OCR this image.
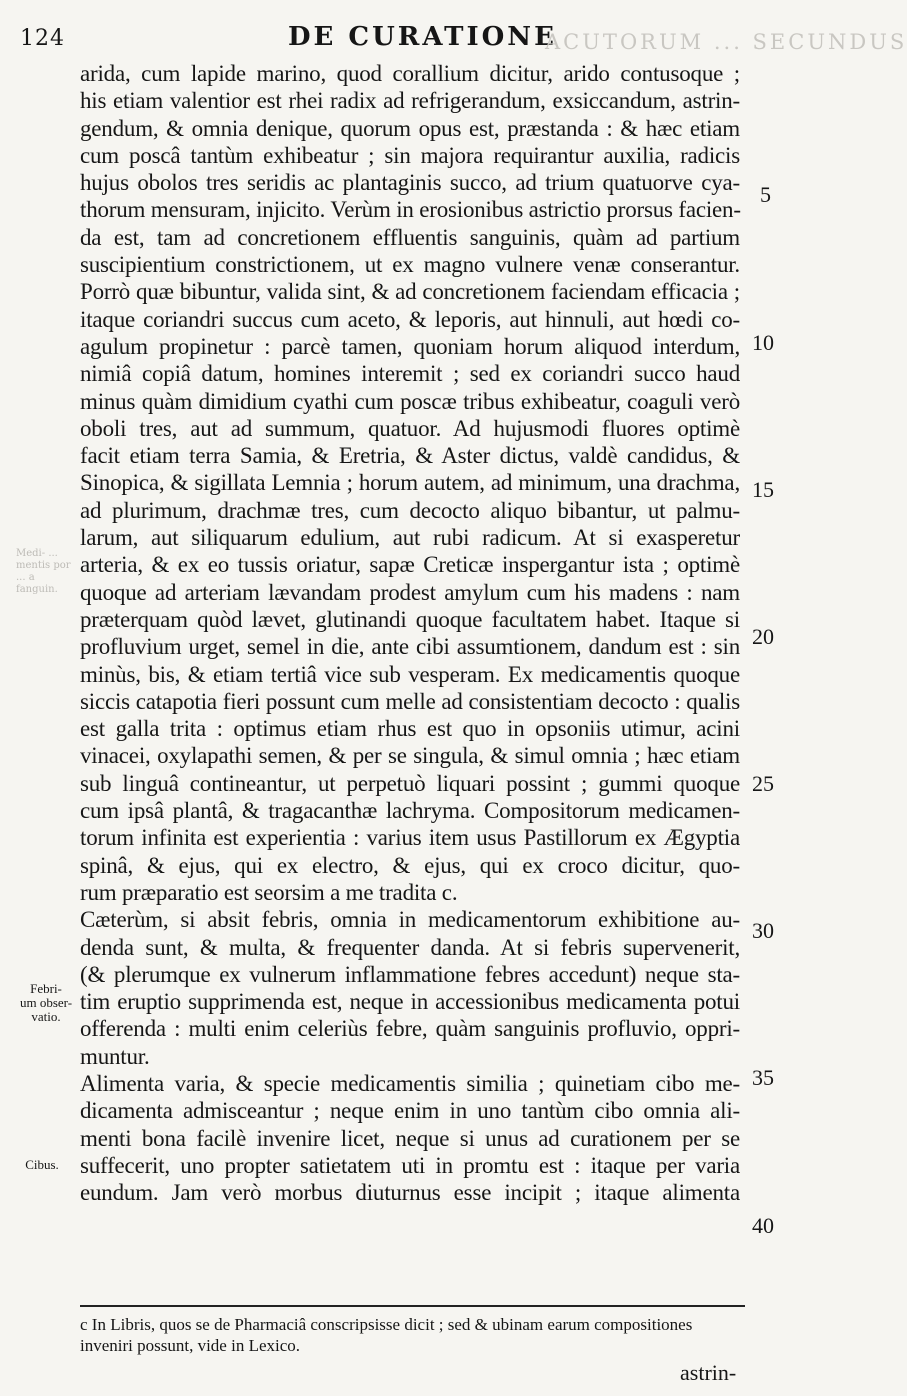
124	DE CURATIONE
ACUTORUM ... SECUNDUS
arida, cum lapide marino, quod corallium dicitur, arido contusoque ;
his etiam valentior est rhei radix ad refrigerandum, exsiccandum, astrin-
gendum, & omnia denique, quorum opus est, præstanda : & hæc etiam
cum poscâ tantùm exhibeatur ; sin majora requirantur auxilia, radicis
hujus obolos tres seridis ac plantaginis succo, ad trium quatuorve cya-
thorum mensuram, injicito. Verùm in erosionibus astrictio prorsus facien-
da est, tam ad concretionem effluentis sanguinis, quàm ad partium
suscipientium constrictionem, ut ex magno vulnere venæ conserantur.
Porrò quæ bibuntur, valida sint, & ad concretionem faciendam efficacia ;
itaque coriandri succus cum aceto, & leporis, aut hinnuli, aut hœdi co-
agulum propinetur : parcè tamen, quoniam horum aliquod interdum,
nimiâ copiâ datum, homines interemit ; sed ex coriandri succo haud
minus quàm dimidium cyathi cum poscæ tribus exhibeatur, coaguli verò
oboli tres, aut ad summum, quatuor. Ad hujusmodi fluores optimè
facit etiam terra Samia, & Eretria, & Aster dictus, valdè candidus, &
Sinopica, & sigillata Lemnia ; horum autem, ad minimum, una drachma,
ad plurimum, drachmæ tres, cum decocto aliquo bibantur, ut palmu-
larum, aut siliquarum edulium, aut rubi radicum. At si exasperetur
arteria, & ex eo tussis oriatur, sapæ Creticæ inspergantur ista ; optimè
quoque ad arteriam lævandam prodest amylum cum his madens : nam
præterquam quòd lævet, glutinandi quoque facultatem habet. Itaque si
profluvium urget, semel in die, ante cibi assumtionem, dandum est : sin
minùs, bis, & etiam tertiâ vice sub vesperam. Ex medicamentis quoque
siccis catapotia fieri possunt cum melle ad consistentiam decocto : qualis
est galla trita : optimus etiam rhus est quo in opsoniis utimur, acini
vinacei, oxylapathi semen, & per se singula, & simul omnia ; hæc etiam
sub linguâ contineantur, ut perpetuò liquari possint ; gummi quoque
cum ipsâ plantâ, & tragacanthæ lachryma. Compositorum medicamen-
torum infinita est experientia : varius item usus Pastillorum ex Ægyptia
spinâ, & ejus, qui ex electro, & ejus, qui ex croco dicitur, quo-
rum præparatio est seorsim a me tradita c.
Cæterùm, si absit febris, omnia in medicamentorum exhibitione au-
denda sunt, & multa, & frequenter danda. At si febris supervenerit,
(& plerumque ex vulnerum inflammatione febres accedunt) neque sta-
tim eruptio supprimenda est, neque in accessionibus medicamenta potui
offerenda : multi enim celeriùs febre, quàm sanguinis profluvio, oppri-
muntur.
Alimenta varia, & specie medicamentis similia ; quinetiam cibo me-
dicamenta admisceantur ; neque enim in uno tantùm cibo omnia ali-
menti bona facilè invenire licet, neque si unus ad curationem per se
suffecerit, uno propter satietatem uti in promtu est : itaque per varia
eundum. Jam verò morbus diuturnus esse incipit ; itaque alimenta
5
10
15
20
25
30
35
40
Febri-
um obser-
vatio.
Cibus.
Medi- ... mentis por ... a fanguin.
c In Libris, quos se de Pharmaciâ conscripsisse dicit ; sed & ubinam earum compositiones inveniri possunt, vide in Lexico.
astrin-
